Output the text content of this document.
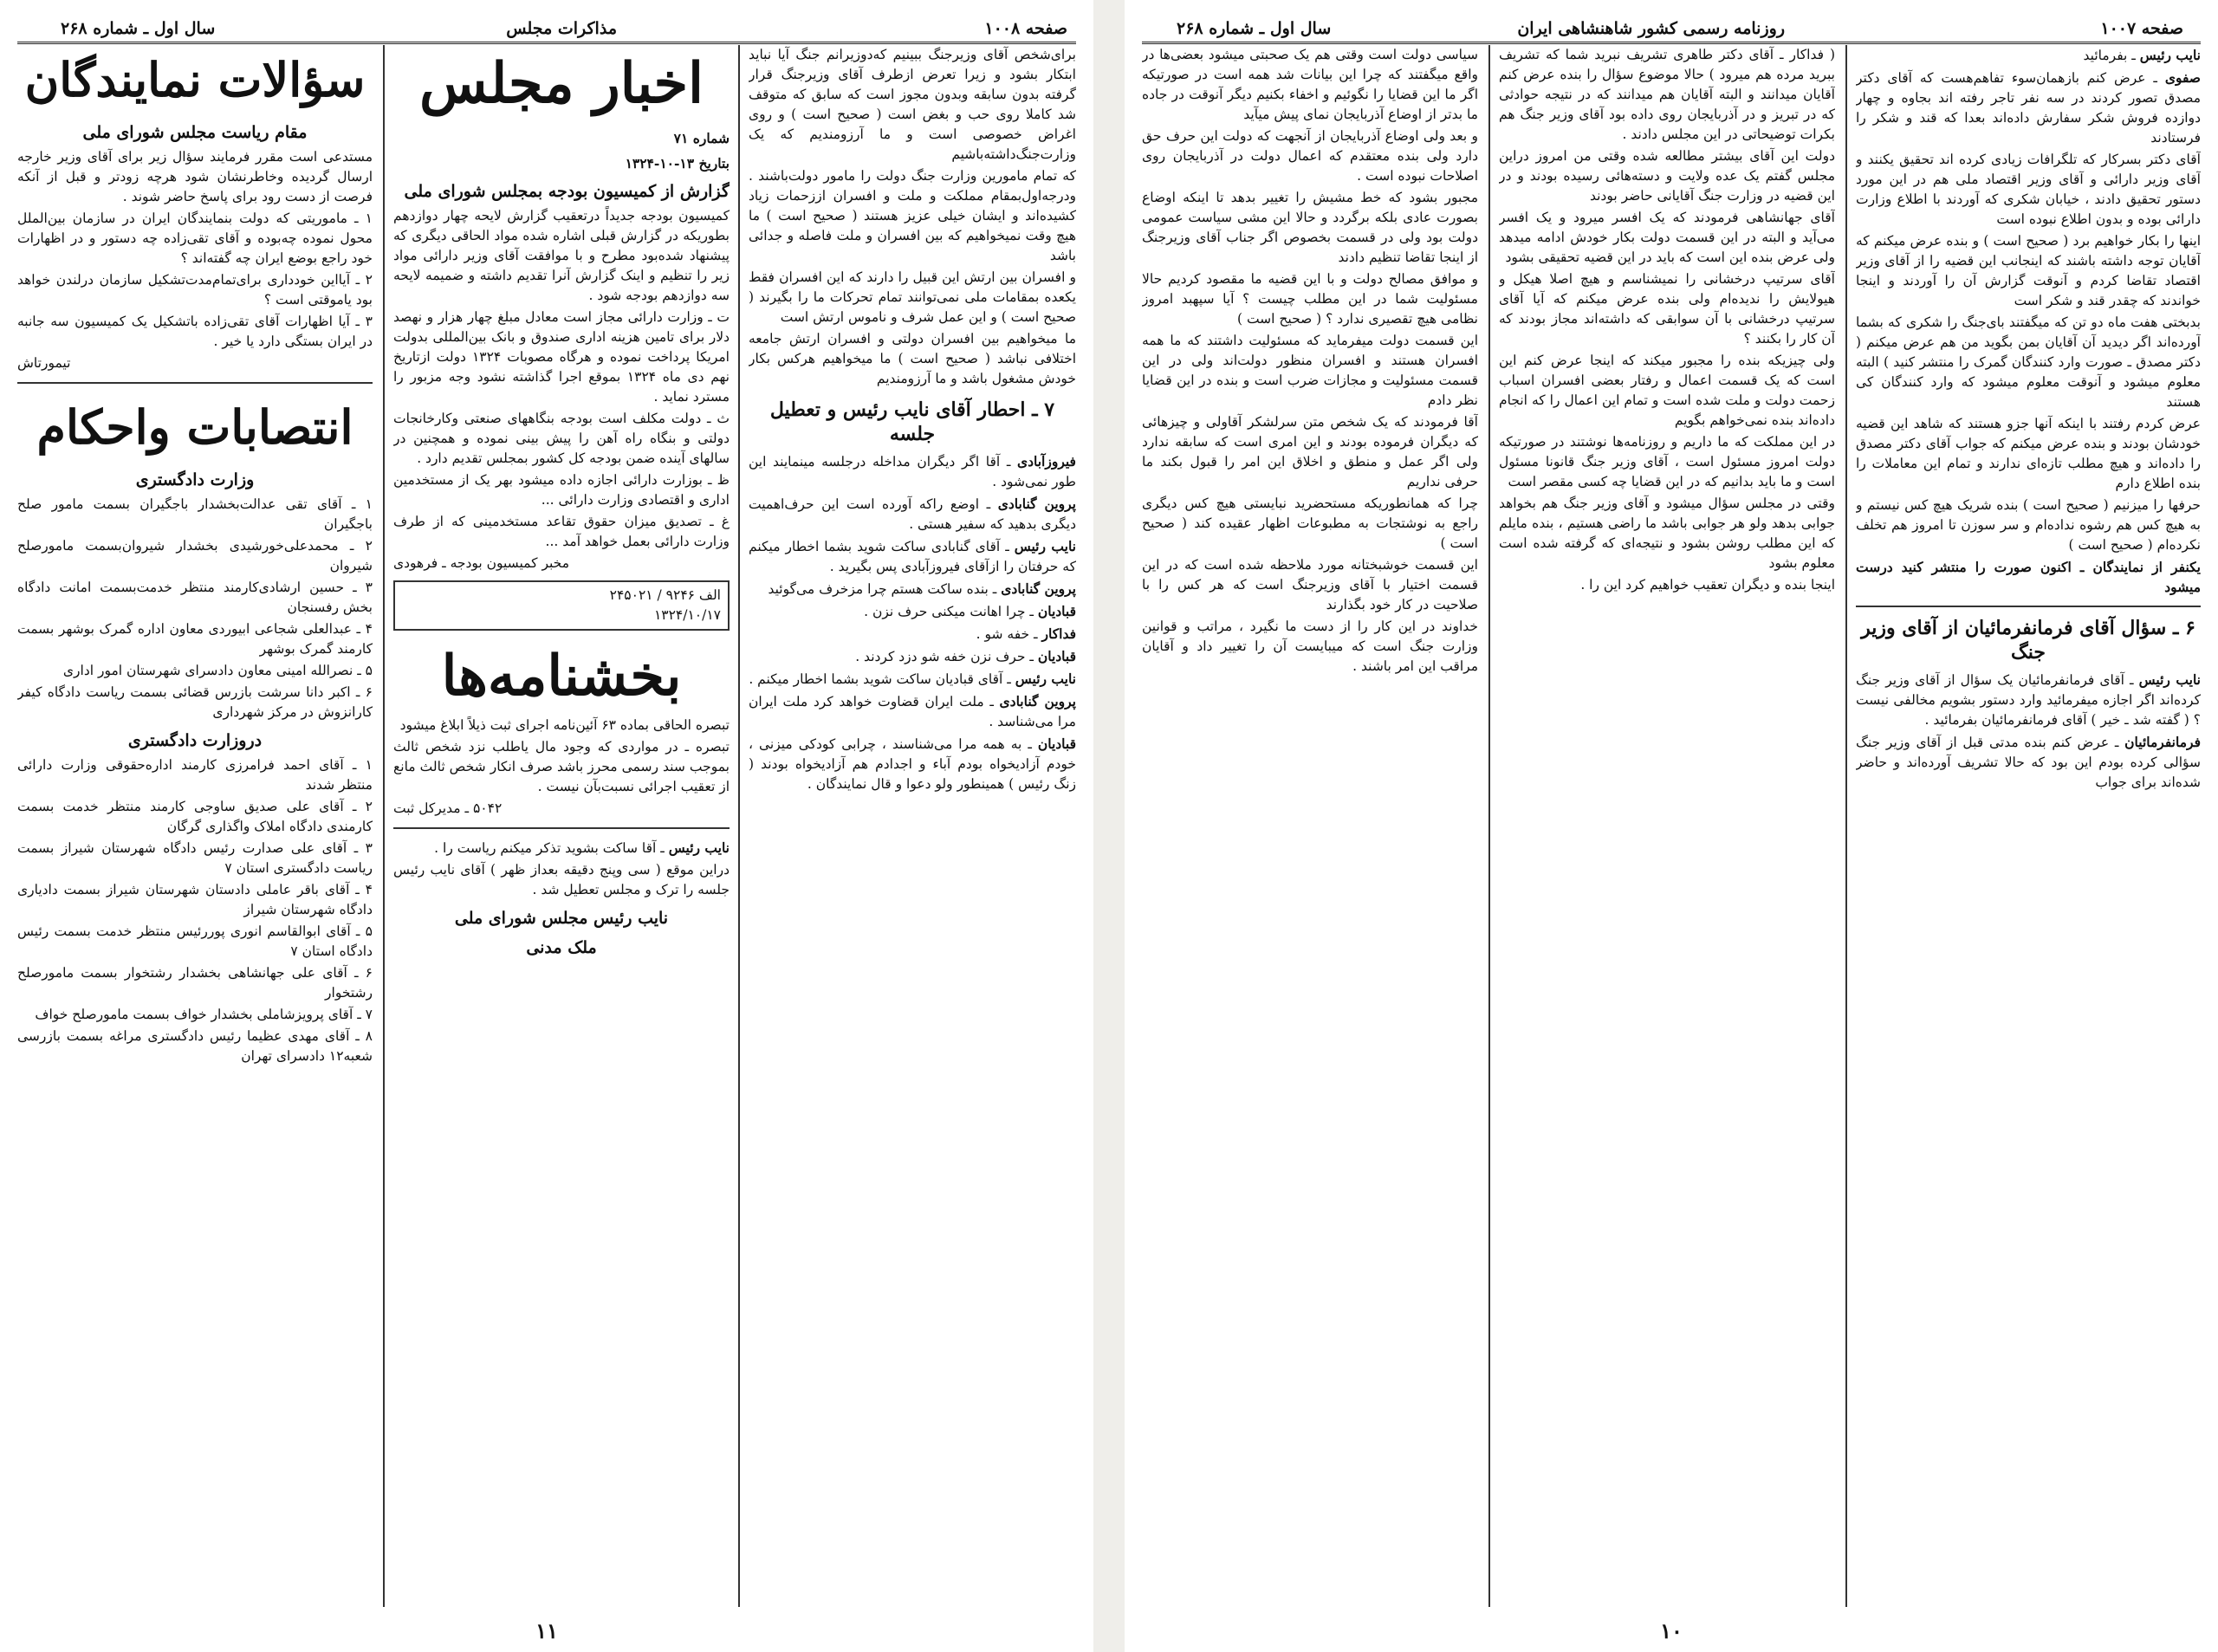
صفحه ۱۰۰۸
مذاکرات مجلس
سال اول ـ شماره ۲۶۸
سؤالات نمایندگان
مقام ریاست مجلس شورای ملی
مستدعی است مقرر فرمایند سؤال زیر برای آقای وزیر خارجه ارسال گردیده وخاطرنشان شود هرچه زودتر و قبل از آنکه فرصت از دست رود برای پاسخ حاضر شوند .
۱ ـ ماموریتی که دولت بنمایندگان ایران در سازمان بین‌الملل محول نموده چه‌بوده و آقای تقی‌زاده چه دستور و در اظهارات خود راجع بوضع ایران چه گفته‌اند ؟
۲ ـ آیااین خودداری برای‌تمام‌مدت‌تشکیل سازمان درلندن خواهد بود یاموقتی است ؟
۳ ـ آیا اظهارات آقای تقی‌زاده باتشکیل یک کمیسیون سه جانبه در ایران بستگی دارد یا خیر .
تیمورتاش
انتصابات واحکام
وزارت دادگستری
۱ ـ آقای تقی عدالت‌بخشدار باجگیران بسمت مامور صلح باجگیران
۲ ـ محمدعلی‌خورشیدی بخشدار شیروان‌بسمت مامورصلح شیروان
۳ ـ حسین ارشادی‌کارمند منتظر خدمت‌بسمت امانت دادگاه بخش رفسنجان
۴ ـ عبدالعلی شجاعی ابیوردی معاون اداره گمرک بوشهر بسمت کارمند گمرک بوشهر
۵ ـ نصرالله امینی معاون دادسرای شهرستان امور اداری
۶ ـ اکبر دانا سرشت بازرس قضائی بسمت ریاست دادگاه کیفر کارانزوش در مرکز شهرداری
دروزارت دادگستری
۱ ـ آقای احمد فرامرزی کارمند اداره‌حقوقی وزارت دارائی منتظر شدند
۲ ـ آقای علی صدیق ساوجی کارمند منتظر خدمت بسمت کارمندی دادگاه املاک واگذاری گرگان
۳ ـ آقای علی صدارت رئیس دادگاه شهرستان شیراز بسمت ریاست دادگستری استان ۷
۴ ـ آقای باقر عاملی دادستان شهرستان شیراز بسمت دادیاری دادگاه شهرستان شیراز
۵ ـ آقای ابوالقاسم انوری پوررئیس منتظر خدمت بسمت رئیس دادگاه استان ۷
۶ ـ آقای علی جهانشاهی بخشدار رشتخوار بسمت مامورصلح رشتخوار
۷ ـ آقای پرویزشاملی بخشدار خواف بسمت مامورصلح خواف
۸ ـ آقای مهدی عظیما رئیس دادگستری مراغه بسمت بازرسی شعبه۱۲ دادسرای تهران
اخبار مجلس
شماره ۷۱
بتاریخ ۱۳-۱۰-۱۳۲۴
گزارش از کمیسیون بودجه بمجلس شورای ملی
کمیسیون بودجه جدیداً درتعقیب گزارش لایحه چهار دوازدهم بطوریکه در گزارش قبلی اشاره شده مواد الحاقی دیگری که پیشنهاد شده‌بود مطرح و با موافقت آقای وزیر دارائی مواد زیر را تنظیم و اینک گزارش آنرا تقدیم داشته و ضمیمه لایحه سه دوازدهم بودجه شود .
ت ـ وزارت دارائی مجاز است معادل مبلغ چهار هزار و نهصد دلار برای تامین هزینه اداری صندوق و بانک بین‌المللی بدولت امریکا پرداخت نموده و هرگاه مصوبات ۱۳۲۴ دولت ازتاریخ نهم دی ماه ۱۳۲۴ بموقع اجرا گذاشته نشود وجه مزبور را مسترد نماید .
ث ـ دولت مکلف است بودجه بنگاههای صنعتی وکارخانجات دولتی و بنگاه راه آهن را پیش بینی نموده و همچنین در سالهای آینده ضمن بودجه کل کشور بمجلس تقدیم دارد .
ظ ـ بوزارت دارائی اجازه داده میشود بهر یک از مستخدمین اداری و اقتصادی وزارت دارائی ...
غ ـ تصدیق میزان حقوق تقاعد مستخدمینی که از طرف وزارت دارائی بعمل خواهد آمد ...
مخبر کمیسیون بودجه ـ فرهودی
الف ۹۲۴۶ / ۲۴۵۰۲۱
۱۳۲۴/۱۰/۱۷
بخشنامه‌ها
تبصره الحاقی بماده ۶۳ آئین‌نامه اجرای ثبت ذیلاً ابلاغ میشود
تبصره ـ در مواردی که وجود مال یاطلب نزد شخص ثالث بموجب سند رسمی محرز باشد صرف انکار شخص ثالث مانع از تعقیب اجرائی نسبت‌بآن نیست .
۵۰۴۲ ـ مدیرکل ثبت
نایب رئیس ـ آقا ساکت بشوید تذکر میکنم ریاست را .
دراین موقع ( سی وپنج دقیقه بعداز ظهر ) آقای نایب رئیس جلسه را ترک و مجلس تعطیل شد .
نایب رئیس مجلس شورای ملی
ملک مدنی
برای‌شخص آقای وزیرجنگ ببینیم که‌دوزیرانم جنگ آیا نباید ابتکار بشود و زیرا تعرض ازطرف آقای وزیرجنگ قرار گرفته بدون سابقه وبدون مجوز است که سابق که متوقف شد کاملا روی حب و بغض است ( صحیح است ) و روی اغراض خصوصی است و ما آرزومندیم که یک وزارت‌جنگ‌داشته‌باشیم
که تمام مامورین وزارت جنگ دولت را مامور دولت‌باشند . ودرجه‌اول‌بمقام مملکت و ملت و افسران اززحمات زیاد کشیده‌اند و ایشان خیلی عزیز هستند ( صحیح است ) ما هیچ وقت نمیخواهیم که بین افسران و ملت فاصله و جدائی باشد
و افسران بین ارتش این قبیل را دارند که این افسران فقط یکعده بمقامات ملی نمی‌توانند تمام تحرکات ما را بگیرند ( صحیح است ) و این عمل شرف و ناموس ارتش است
ما میخواهیم بین افسران دولتی و افسران ارتش جامعه اختلافی نباشد ( صحیح است ) ما میخواهیم هرکس بکار خودش مشغول باشد و ما آرزومندیم
۷ ـ احطار آقای نایب رئیس و تعطیل جلسه
فیروزآبادی ـ آقا اگر دیگران مداخله درجلسه مینمایند این طور نمی‌شود .
پروین گنابادی ـ اوضع راکه آورده است این حرف‌اهمیت دیگری بدهید که سفیر هستی .
نایب رئیس ـ آقای گنابادی ساکت شوید بشما اخطار میکنم که حرفتان را ازآقای فیروزآبادی پس بگیرید .
پروین گنابادی ـ بنده ساکت هستم چرا مزخرف‌ می‌گوئید
قبادیان ـ چرا اهانت میکنی حرف نزن .
فداکار ـ خفه شو .
قبادیان ـ حرف نزن خفه شو دزد کردند .
نایب رئیس ـ آقای قبادیان ساکت شوید بشما اخطار میکنم .
پروین گنابادی ـ ملت ایران قضاوت خواهد کرد ملت ایران مرا می‌شناسد .
قبادیان ـ به همه مرا می‌شناسند ، چرابی کودکی میزنی ، خودم آزادیخواه بودم آباء و اجدادم هم آزادیخواه بودند ( زنگ رئیس ) همینطور ولو دعوا و قال نمایندگان .
۱۱
صفحه ۱۰۰۷
روزنامه رسمی کشور شاهنشاهی ایران
سال اول ـ شماره ۲۶۸
سیاسی دولت است وقتی هم یک صحبتی میشود بعضی‌ها در واقع میگفتند که چرا این بیانات شد همه است در صورتیکه اگر ما این قضایا را نگوئیم و اخفاء بکنیم دیگر آنوقت در جاده ما بدتر از اوضاع آذربایجان نمای پیش میآید
و بعد ولی اوضاع آذربایجان از آنجهت که دولت این حرف حق دارد ولی بنده معتقدم که اعمال دولت در آذربایجان روی اصلاحات نبوده است .
مجبور بشود که خط مشیش را تغییر بدهد تا اینکه اوضاع بصورت عادی بلکه برگردد و حالا این مشی سیاست عمومی دولت بود ولی در قسمت بخصوص اگر جناب آقای وزیرجنگ از اینجا تقاضا تنظیم دادند
و موافق مصالح دولت و با این قضیه ما مقصود کردیم حالا مسئولیت شما در این مطلب چیست ؟ آیا سپهبد امروز نظامی هیچ تقصیری ندارد ؟ ( صحیح است )
این قسمت دولت میفرماید که مسئولیت داشتند که ما همه افسران هستند و افسران منظور دولت‌اند ولی در این قسمت مسئولیت و مجازات ضرب است و بنده در این قضایا نظر دادم
آقا فرمودند که یک شخص متن سرلشکر آقاولی و چیزهائی که دیگران فرموده بودند و این امری است که سابقه ندارد ولی اگر عمل و منطق و اخلاق این امر را قبول بکند ما حرفی نداریم
چرا که همانطوریکه مستحضرید نبایستی هیچ کس دیگری راجع به نوشتجات به مطبوعات اظهار عقیده کند ( صحیح است )
این قسمت خوشبختانه مورد ملاحظه شده است که در این قسمت اختیار با آقای وزیرجنگ است که هر کس را با صلاحیت در کار خود بگذارند
خداوند در این کار را از دست ما نگیرد ، مراتب و قوانین وزارت جنگ است که میبایست آن را تغییر داد و آقایان مراقب این امر باشند .
( فداکار ـ آقای دکتر طاهری تشریف نبرید شما که تشریف ببرید مرده هم میرود ) حالا موضوع سؤال را بنده عرض کنم آقایان میدانند و البته آقایان هم میدانند که در نتیجه حوادثی که در تبریز و در آذربایجان روی داده بود آقای وزیر جنگ هم بکرات توضیحاتی در این مجلس دادند .
دولت این آقای بیشتر مطالعه شده وقتی من امروز دراین مجلس گفتم یک عده ولایت و دسته‌هائی رسیده بودند و در این قضیه در وزارت جنگ آقایانی حاضر بودند
آقای جهانشاهی فرمودند که یک افسر میرود و یک افسر می‌آید و البته در این قسمت دولت بکار خودش ادامه میدهد ولی عرض بنده این است که باید در این قضیه تحقیقی بشود
آقای سرتیپ درخشانی را نمیشناسم و هیچ اصلا هیکل و هیولایش را ندیده‌ام ولی بنده عرض میکنم که آیا آقای سرتیپ درخشانی با آن سوابقی که داشته‌اند مجاز بودند که آن کار را بکنند ؟
ولی چیزیکه بنده را مجبور میکند که اینجا عرض کنم این است که یک قسمت اعمال و رفتار بعضی افسران اسباب زحمت دولت و ملت شده است و تمام این اعمال را که انجام داده‌اند بنده نمی‌خواهم بگویم
در این مملکت که ما داریم و روزنامه‌ها نوشتند در صورتیکه دولت امروز مسئول است ، آقای وزیر جنگ قانونا مسئول است و ما باید بدانیم که در این قضایا چه کسی مقصر است
وقتی در مجلس سؤال میشود و آقای وزیر جنگ هم بخواهد جوابی بدهد ولو هر جوابی باشد ما راضی هستیم ، بنده مایلم که این مطلب روشن بشود و نتیجه‌ای که گرفته شده است معلوم بشود
اینجا بنده و دیگران تعقیب خواهیم کرد این را .
نایب رئیس ـ بفرمائید
صفوی ـ عرض کنم بازهمان‌سوء تفاهم‌هست که آقای دکتر مصدق تصور کردند در سه نفر تاجر رفته اند بجاوه و چهار دوازده فروش شکر سفارش داده‌اند بعدا که قند و شکر را فرستادند
آقای دکتر بسرکار که تلگرافات زیادی کرده اند تحقیق یکنند و آقای وزیر دارائی و آقای وزیر اقتصاد ملی هم در این مورد دستور تحقیق دادند ، خیابان شکری که آوردند با اطلاع وزارت دارائی بوده و بدون اطلاع نبوده است
اینها را بکار خواهیم برد ( صحیح است ) و بنده عرض میکنم که آقایان توجه داشته باشند که اینجانب این قضیه را از آقای وزیر اقتصاد تقاضا کردم و آنوقت گزارش آن را آوردند و اینجا خواندند که چقدر قند و شکر است
بدبختی هفت ماه دو تن که میگفتند بای‌جنگ را شکری که بشما آورده‌اند اگر دیدید آن آقایان بمن بگوید من هم عرض میکنم ( دکتر مصدق ـ صورت وارد کنندگان گمرک را منتشر کنید ) البته معلوم میشود و آنوقت معلوم میشود که وارد کنندگان کی هستند
عرض کردم رفتند با اینکه آنها جزو هستند که شاهد این قضیه خودشان بودند و بنده عرض میکنم که جواب آقای دکتر مصدق را داده‌اند و هیچ مطلب تازه‌ای ندارند و تمام این معاملات را بنده اطلاع دارم
حرفها را میزنیم ( صحیح است ) بنده شریک هیچ کس نیستم و به هیچ کس هم رشوه نداده‌ام و سر سوزن تا امروز هم تخلف نکرده‌ام ( صحیح است )
یکنفر از نمایندگان ـ اکنون صورت را منتشر کنید درست میشود
۶ ـ سؤال آقای فرمانفرمائیان از آقای وزیر جنگ
نایب رئیس ـ آقای فرمانفرمائیان یک سؤال از آقای وزیر جنگ کرده‌اند اگر اجازه میفرمائید وارد دستور بشویم مخالفی نیست ؟ ( گفته شد ـ خیر ) آقای فرمانفرمائیان بفرمائید .
فرمانفرمائیان ـ عرض کنم بنده مدتی قبل از آقای وزیر جنگ سؤالی کرده بودم این بود که حالا تشریف آورده‌اند و حاضر شده‌اند برای جواب
۱۰
